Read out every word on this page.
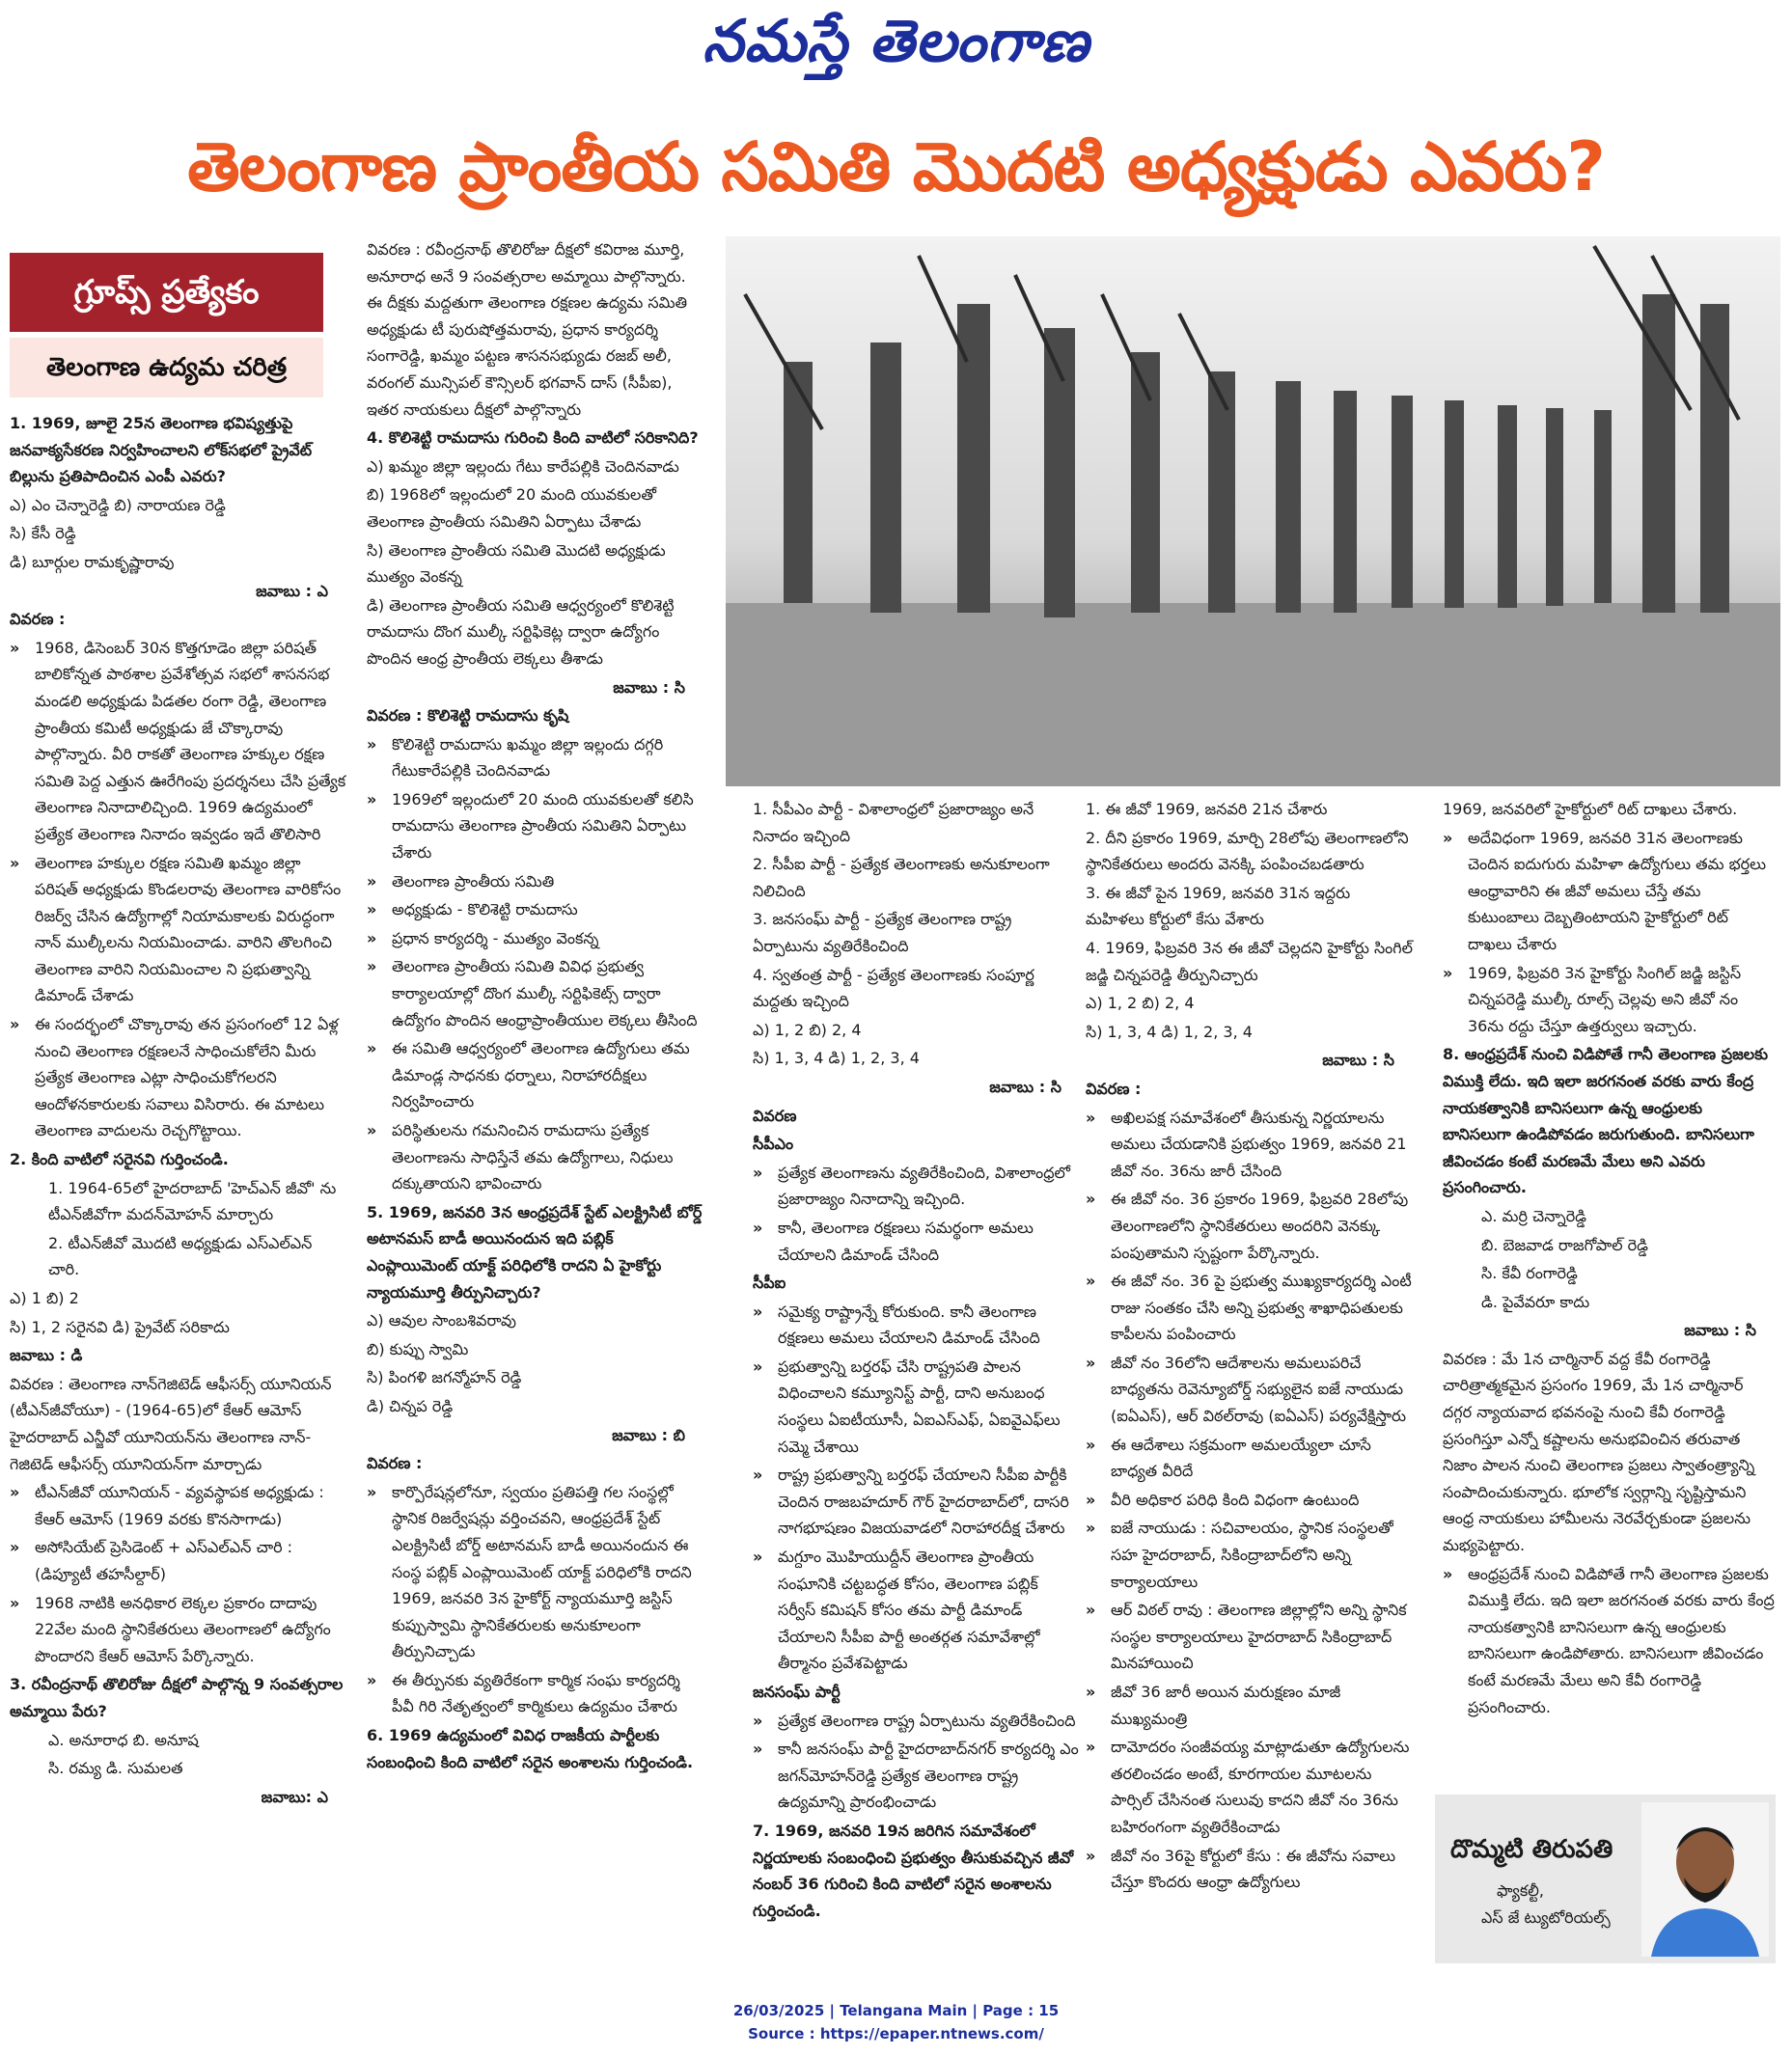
నమస్తే తెలంగాణ
తెలంగాణ ప్రాంతీయ సమితి మొదటి అధ్యక్షుడు ఎవరు?
గ్రూప్స్ ప్రత్యేకం
తెలంగాణ ఉద్యమ చరిత్ర

1. 1969, జూలై 25న తెలంగాణ భవిష్యత్తుపై జనవాక్యసేకరణ నిర్వహించాలని లోక్‌సభలో ప్రైవేట్ బిల్లును ప్రతిపాదించిన ఎంపీ ఎవరు?

ఎ) ఎం చెన్నారెడ్డి బి) నారాయణ రెడ్డి

సి) కేసీ రెడ్డి

డి) బూర్గుల రామకృష్ణారావు

జవాబు : ఎ

వివరణ :

» 1968, డిసెంబర్ 30న కొత్తగూడెం జిల్లా పరిషత్ బాలికోన్నత పాఠశాల ప్రవేశోత్సవ సభలో శాసనసభ మండలి అధ్యక్షుడు పిడతల రంగా రెడ్డి, తెలంగాణ ప్రాంతీయ కమిటీ అధ్యక్షుడు జే చొక్కారావు పాల్గొన్నారు. వీరి రాకతో తెలంగాణ హక్కుల రక్షణ సమితి పెద్ద ఎత్తున ఊరేగింపు ప్రదర్శనలు చేసి ప్రత్యేక తెలంగాణ నినాదాలిచ్చింది. 1969 ఉద్యమంలో ప్రత్యేక తెలంగాణ నినాదం ఇవ్వడం ఇదే తొలిసారి

» తెలంగాణ హక్కుల రక్షణ సమితి ఖమ్మం జిల్లా పరిషత్ అధ్యక్షుడు కొండలరావు తెలంగాణ వారికోసం రిజర్వ్ చేసిన ఉద్యోగాల్లో నియామకాలకు విరుద్ధంగా నాన్ ముల్కీలను నియమించాడు. వారిని తొలగించి తెలంగాణ వారిని నియమించాల ని ప్రభుత్వాన్ని డిమాండ్ చేశాడు

» ఈ సందర్భంలో చొక్కారావు తన ప్రసంగంలో 12 ఏళ్ల నుంచి తెలంగాణ రక్షణలనే సాధించుకోలేని మీరు ప్రత్యేక తెలంగాణ ఎట్లా సాధించుకోగలరని ఆందోళనకారులకు సవాలు విసిరారు. ఈ మాటలు తెలంగాణ వాదులను రెచ్చగొట్టాయి.

2. కింది వాటిలో సరైనవి గుర్తించండి.

1. 1964-65లో హైదరాబాద్ 'హెచ్ఎన్ జీవో' ను టీఎన్‌జీవోగా మదన్‌మోహన్ మార్చారు

2. టీఎన్‌జీవో మొదటి అధ్యక్షుడు ఎస్ఎల్ఎన్ చారి.

ఎ) 1 బి) 2

సి) 1, 2 సరైనవి డి) ప్రైవేట్ సరికాదు

జవాబు : డి

వివరణ : తెలంగాణ నాన్‌గెజిటెడ్ ఆఫీసర్స్ యూనియన్ (టీఎన్‌జీవోయూ) - (1964-65)లో కేఆర్ ఆమోస్ హైదరాబాద్ ఎన్జీవో యూనియన్‌ను తెలంగాణ నాన్-గెజిటెడ్ ఆఫీసర్స్ యూనియన్‌గా మార్చాడు

» టీఎన్‌జీవో యూనియన్ - వ్యవస్థాపక అధ్యక్షుడు : కేఆర్ ఆమోస్ (1969 వరకు కొనసాగాడు)

» అసోసియేట్ ప్రెసిడెంట్ + ఎస్ఎల్ఎన్ చారి : (డిప్యూటీ తహసీల్దార్)

» 1968 నాటికి అనధికార లెక్కల ప్రకారం దాదాపు 22వేల మంది స్థానికేతరులు తెలంగాణలో ఉద్యోగం పొందారని కేఆర్ ఆమోస్ పేర్కొన్నారు.

3. రవీంద్రనాథ్ తొలిరోజు దీక్షలో పాల్గొన్న 9 సంవత్సరాల అమ్మాయి పేరు?

ఎ. అనూరాధ బి. అనూష

సి. రమ్య డి. సుమలత

జవాబు: ఎ

వివరణ : రవీంద్రనాథ్ తొలిరోజు దీక్షలో కవిరాజ మూర్తి, అనూరాధ అనే 9 సంవత్సరాల అమ్మాయి పాల్గొన్నారు. ఈ దీక్షకు మద్దతుగా తెలంగాణ రక్షణల ఉద్యమ సమితి అధ్యక్షుడు టీ పురుషోత్తమరావు, ప్రధాన కార్యదర్శి సంగారెడ్డి, ఖమ్మం పట్టణ శాసనసభ్యుడు రజబ్ అలీ, వరంగల్ మున్సిపల్ కౌన్సిలర్ భగవాన్ దాస్ (సీపీఐ), ఇతర నాయకులు దీక్షలో పాల్గొన్నారు

4. కొలిశెట్టి రామదాసు గురించి కింది వాటిలో సరికానిది?

ఎ) ఖమ్మం జిల్లా ఇల్లందు గేటు కారేపల్లికి చెందినవాడు

బి) 1968లో ఇల్లందులో 20 మంది యువకులతో తెలంగాణ ప్రాంతీయ సమితిని ఏర్పాటు చేశాడు

సి) తెలంగాణ ప్రాంతీయ సమితి మొదటి అధ్యక్షుడు ముత్యం వెంకన్న

డి) తెలంగాణ ప్రాంతీయ సమితి ఆధ్వర్యంలో కొలిశెట్టి రామదాసు దొంగ ముల్కీ సర్టిఫికెట్ల ద్వారా ఉద్యోగం పొందిన ఆంధ్ర ప్రాంతీయ లెక్కలు తీశాడు

జవాబు : సి

వివరణ : కొలిశెట్టి రామదాసు కృషి

» కొలిశెట్టి రామదాసు ఖమ్మం జిల్లా ఇల్లందు దగ్గరి గేటుకారేపల్లికి చెందినవాడు

» 1969లో ఇల్లందులో 20 మంది యువకులతో కలిసి రామదాసు తెలంగాణ ప్రాంతీయ సమితిని ఏర్పాటు చేశారు

» తెలంగాణ ప్రాంతీయ సమితి

» అధ్యక్షుడు - కొలిశెట్టి రామదాసు

» ప్రధాన కార్యదర్శి - ముత్యం వెంకన్న

» తెలంగాణ ప్రాంతీయ సమితి వివిధ ప్రభుత్వ కార్యాలయాల్లో దొంగ ముల్కీ సర్టిఫికెట్స్ ద్వారా ఉద్యోగం పొందిన ఆంధ్రాప్రాంతీయుల లెక్కలు తీసింది

» ఈ సమితి ఆధ్వర్యంలో తెలంగాణ ఉద్యోగులు తమ డిమాండ్ల సాధనకు ధర్నాలు, నిరాహారదీక్షలు నిర్వహించారు

» పరిస్థితులను గమనించిన రామదాసు ప్రత్యేక తెలంగాణను సాధిస్తేనే తమ ఉద్యోగాలు, నిధులు దక్కుతాయని భావించారు

5. 1969, జనవరి 3న ఆంధ్రప్రదేశ్ స్టేట్ ఎలక్ట్రిసిటీ బోర్డ్ అటానమస్ బాడీ అయినందున ఇది పబ్లిక్ ఎంప్లాయిమెంట్ యాక్ట్ పరిధిలోకి రాదని ఏ హైకోర్టు న్యాయమూర్తి తీర్పునిచ్చారు?

ఎ) ఆవుల సాంబశివరావు

బి) కుప్పు స్వామి

సి) పింగళి జగన్మోహన్ రెడ్డి

డి) చిన్నప రెడ్డి

జవాబు : బి

వివరణ :

» కార్పొరేషన్లలోనూ, స్వయం ప్రతిపత్తి గల సంస్థల్లో స్థానిక రిజర్వేషన్లు వర్తించవని, ఆంధ్రప్రదేశ్ స్టేట్ ఎలక్ట్రిసిటీ బోర్డ్ అటానమస్ బాడీ అయినందున ఈ సంస్థ పబ్లిక్ ఎంప్లాయిమెంట్ యాక్ట్ పరిధిలోకి రాదని 1969, జనవరి 3న హైకోర్ట్ న్యాయమూర్తి జస్టిస్ కుప్పుస్వామి స్థానికేతరులకు అనుకూలంగా తీర్పునిచ్చాడు

» ఈ తీర్పునకు వ్యతిరేకంగా కార్మిక సంఘ కార్యదర్శి పీవీ గిరి నేతృత్వంలో కార్మికులు ఉద్యమం చేశారు

6. 1969 ఉద్యమంలో వివిధ రాజకీయ పార్టీలకు సంబంధించి కింది వాటిలో సరైన అంశాలను గుర్తించండి.

1. సీపీఎం పార్టీ - విశాలాంధ్రలో ప్రజారాజ్యం అనే నినాదం ఇచ్చింది

2. సీపీఐ పార్టీ - ప్రత్యేక తెలంగాణకు అనుకూలంగా నిలిచింది

3. జనసంఘ్ పార్టీ - ప్రత్యేక తెలంగాణ రాష్ట్ర ఏర్పాటును వ్యతిరేకించింది

4. స్వతంత్ర పార్టీ - ప్రత్యేక తెలంగాణకు సంపూర్ణ మద్దతు ఇచ్చింది

ఎ) 1, 2 బి) 2, 4

సి) 1, 3, 4 డి) 1, 2, 3, 4

జవాబు : సి

వివరణ

సీపీఎం

» ప్రత్యేక తెలంగాణను వ్యతిరేకించింది, విశాలాంధ్రలో ప్రజారాజ్యం నినాదాన్ని ఇచ్చింది.

» కానీ, తెలంగాణ రక్షణలు సమర్థంగా అమలు చేయాలని డిమాండ్ చేసింది

సీపీఐ

» సమైక్య రాష్ట్రాన్నే కోరుకుంది. కానీ తెలంగాణ రక్షణలు అమలు చేయాలని డిమాండ్ చేసింది

» ప్రభుత్వాన్ని బర్తరఫ్ చేసి రాష్ట్రపతి పాలన విధించాలని కమ్యూనిస్ట్ పార్టీ, దాని అనుబంధ సంస్థలు ఏఐటీయూసీ, ఏఐఎస్ఎఫ్, ఏఐవైఎఫ్‌లు సమ్మె చేశాయి

» రాష్ట్ర ప్రభుత్వాన్ని బర్తరఫ్ చేయాలని సీపీఐ పార్టీకి చెందిన రాజబహదూర్ గౌర్ హైదరాబాద్‌లో, దాసరి నాగభూషణం విజయవాడలో నిరాహారదీక్ష చేశారు

» మగ్దూం మొహియుద్దీన్ తెలంగాణ ప్రాంతీయ సంఘానికి చట్టబద్ధత కోసం, తెలంగాణ పబ్లిక్ సర్వీస్ కమిషన్ కోసం తమ పార్టీ డిమాండ్ చేయాలని సీపీఐ పార్టీ అంతర్గత సమావేశాల్లో తీర్మానం ప్రవేశపెట్టాడు

జనసంఘ్ పార్టీ

» ప్రత్యేక తెలంగాణ రాష్ట్ర ఏర్పాటును వ్యతిరేకించింది

» కానీ జనసంఘ్ పార్టీ హైదరాబాద్‌నగర్ కార్యదర్శి ఎం జగన్‌మోహన్‌రెడ్డి ప్రత్యేక తెలంగాణ రాష్ట్ర ఉద్యమాన్ని ప్రారంభించాడు

7. 1969, జనవరి 19న జరిగిన సమావేశంలో నిర్ణయాలకు సంబంధించి ప్రభుత్వం తీసుకువచ్చిన జీవో నంబర్ 36 గురించి కింది వాటిలో సరైన అంశాలను గుర్తించండి.

1. ఈ జీవో 1969, జనవరి 21న చేశారు

2. దీని ప్రకారం 1969, మార్చి 28లోపు తెలంగాణలోని స్థానికేతరులు అందరు వెనక్కి పంపించబడతారు

3. ఈ జీవో పైన 1969, జనవరి 31న ఇద్దరు మహిళలు కోర్టులో కేసు వేశారు

4. 1969, ఫిబ్రవరి 3న ఈ జీవో చెల్లదని హైకోర్టు సింగిల్ జడ్జి చిన్నపరెడ్డి తీర్పునిచ్చారు

ఎ) 1, 2 బి) 2, 4

సి) 1, 3, 4 డి) 1, 2, 3, 4

జవాబు : సి

వివరణ :

» అఖిలపక్ష సమావేశంలో తీసుకున్న నిర్ణయాలను అమలు చేయడానికి ప్రభుత్వం 1969, జనవరి 21 జీవో నం. 36ను జారీ చేసింది

» ఈ జీవో నం. 36 ప్రకారం 1969, ఫిబ్రవరి 28లోపు తెలంగాణలోని స్థానికేతరులు అందరిని వెనక్కు పంపుతామని స్పష్టంగా పేర్కొన్నారు.

» ఈ జీవో నం. 36 పై ప్రభుత్వ ముఖ్యకార్యదర్శి ఎంటీ రాజు సంతకం చేసి అన్ని ప్రభుత్వ శాఖాధిపతులకు కాపీలను పంపించారు

» జీవో నం 36లోని ఆదేశాలను అమలుపరిచే బాధ్యతను రెవెన్యూబోర్డ్ సభ్యులైన ఐజే నాయుడు (ఐఏఎస్), ఆర్ విఠల్‌రావు (ఐఏఎస్) పర్యవేక్షిస్తారు

» ఈ ఆదేశాలు సక్రమంగా అమలయ్యేలా చూసే బాధ్యత వీరిదే

» వీరి అధికార పరిధి కింది విధంగా ఉంటుంది

» ఐజే నాయుడు : సచివాలయం, స్థానిక సంస్థలతో సహ హైదరాబాద్, సికింద్రాబాద్‌లోని అన్ని కార్యాలయాలు

» ఆర్ విఠల్ రావు : తెలంగాణ జిల్లాల్లోని అన్ని స్థానిక సంస్థల కార్యాలయాలు హైదరాబాద్ సికింద్రాబాద్ మినహాయించి

» జీవో 36 జారీ అయిన మరుక్షణం మాజీ ముఖ్యమంత్రి

» దామోదరం సంజీవయ్య మాట్లాడుతూ ఉద్యోగులను తరలించడం అంటే, కూరగాయల మూటలను పార్సిల్ చేసినంత సులువు కాదని జీవో నం 36ను బహిరంగంగా వ్యతిరేకించాడు

» జీవో నం 36పై కోర్టులో కేసు : ఈ జీవోను సవాలు చేస్తూ కొందరు ఆంధ్రా ఉద్యోగులు

1969, జనవరిలో హైకోర్టులో రిట్ దాఖలు చేశారు.

» అదేవిధంగా 1969, జనవరి 31న తెలంగాణకు చెందిన ఐదుగురు మహిళా ఉద్యోగులు తమ భర్తలు ఆంధ్రావారిని ఈ జీవో అమలు చేస్తే తమ కుటుంబాలు దెబ్బతింటాయని హైకోర్టులో రిట్ దాఖలు చేశారు

» 1969, ఫిబ్రవరి 3న హైకోర్టు సింగిల్ జడ్జి జస్టిస్ చిన్నపరెడ్డి ముల్కీ రూల్స్ చెల్లవు అని జీవో నం 36ను రద్దు చేస్తూ ఉత్తర్వులు ఇచ్చారు.

8. ఆంధ్రప్రదేశ్ నుంచి విడిపోతే గానీ తెలంగాణ ప్రజలకు విముక్తి లేదు. ఇది ఇలా జరగనంత వరకు వారు కేంద్ర నాయకత్వానికి బానిసలుగా ఉన్న ఆంధ్రులకు బానిసలుగా ఉండిపోవడం జరుగుతుంది. బానిసలుగా జీవించడం కంటే మరణమే మేలు అని ఎవరు ప్రసంగించారు.

ఎ. మర్రి చెన్నారెడ్డి

బి. బెజవాడ రాజగోపాల్ రెడ్డి

సి. కేవీ రంగారెడ్డి

డి. పైవేవరూ కాదు

జవాబు : సి

వివరణ : మే 1న చార్మినార్ వద్ద కేవీ రంగారెడ్డి చారిత్రాత్మకమైన ప్రసంగం 1969, మే 1న చార్మినార్ దగ్గర న్యాయవాద భవనంపై నుంచి కేవీ రంగారెడ్డి ప్రసంగిస్తూ ఎన్నో కష్టాలను అనుభవించిన తరువాత నిజాం పాలన నుంచి తెలంగాణ ప్రజలు స్వాతంత్ర్యాన్ని సంపాదించుకున్నారు. భూలోక స్వర్గాన్ని సృష్టిస్తామని ఆంధ్ర నాయకులు హామీలను నెరవేర్చకుండా ప్రజలను మభ్యపెట్టారు.

» ఆంధ్రప్రదేశ్ నుంచి విడిపోతే గానీ తెలంగాణ ప్రజలకు విముక్తి లేదు. ఇది ఇలా జరగనంత వరకు వారు కేంద్ర నాయకత్వానికి బానిసలుగా ఉన్న ఆంధ్రులకు బానిసలుగా ఉండిపోతారు. బానిసలుగా జీవించడం కంటే మరణమే మేలు అని కేవీ రంగారెడ్డి ప్రసంగించారు.

దొమ్మటి తిరుపతి
ఫ్యాకల్టీ,
ఎస్ జే ట్యుటోరియల్స్
26/03/2025 | Telangana Main | Page : 15
Source : https://epaper.ntnews.com/
